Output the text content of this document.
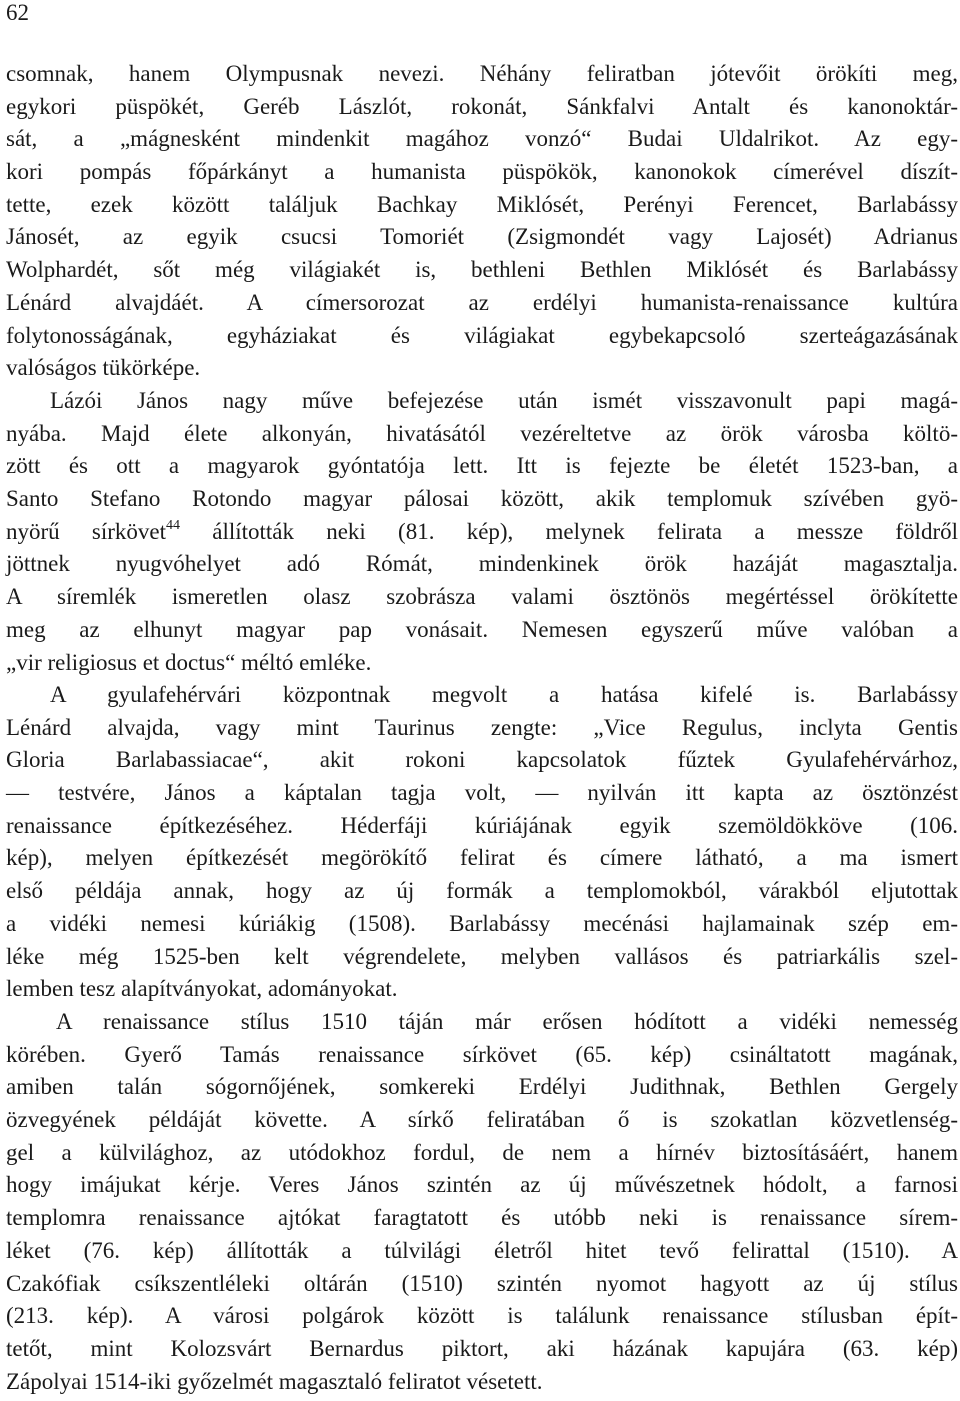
62
csomnak, hanem Olympusnak nevezi. Néhány feliratban jótevőit örökíti meg,
egykori püspökét, Geréb Lászlót, rokonát, Sánkfalvi Antalt és kanonoktár-
sát, a „mágnesként mindenkit magához vonzó“ Budai Uldalrikot. Az egy-
kori pompás főpárkányt a humanista püspökök, kanonokok címerével díszít-
tette, ezek között találjuk Bachkay Miklósét, Perényi Ferencet, Barlabássy
Jánosét, az egyik csucsi Tomoriét (Zsigmondét vagy Lajosét) Adrianus
Wolphardét, sőt még világiakét is, bethleni Bethlen Miklósét és Barlabássy
Lénárd alvajdáét. A címersorozat az erdélyi humanista-renaissance kultúra
folytonosságának, egyháziakat és világiakat egybekapcsoló szerteágazásának
valóságos tükörképe.
Lázói János nagy műve befejezése után ismét visszavonult papi magá-
nyába. Majd élete alkonyán, hivatásától vezéreltetve az örök városba költö-
zött és ott a magyarok gyóntatója lett. Itt is fejezte be életét 1523-ban, a
Santo Stefano Rotondo magyar pálosai között, akik templomuk szívében gyö-
nyörű sírkövet$^{44}$ állították neki (81. kép), melynek felirata a messze földről
jöttnek nyugvóhelyet adó Rómát, mindenkinek örök hazáját magasztalja.
A síremlék ismeretlen olasz szobrásza valami ösztönös megértéssel örökítette
meg az elhunyt magyar pap vonásait. Nemesen egyszerű műve valóban a
„vir religiosus et doctus“ méltó emléke.
A gyulafehérvári központnak megvolt a hatása kifelé is. Barlabássy
Lénárd alvajda, vagy mint Taurinus zengte: „Vice Regulus, inclyta Gentis
Gloria Barlabassiacae“, akit rokoni kapcsolatok fűztek Gyulafehérvárhoz,
— testvére, János a káptalan tagja volt, — nyilván itt kapta az ösztönzést
renaissance építkezéséhez. Héderfáji kúriájának egyik szemöldökköve (106.
kép), melyen építkezését megörökítő felirat és címere látható, a ma ismert
első példája annak, hogy az új formák a templomokból, várakból eljutottak
a vidéki nemesi kúriákig (1508). Barlabássy mecénási hajlamainak szép em-
léke még 1525-ben kelt végrendelete, melyben vallásos és patriarkális szel-
lemben tesz alapítványokat, adományokat.
A renaissance stílus 1510 táján már erősen hódított a vidéki nemesség
körében. Gyerő Tamás renaissance sírkövet (65. kép) csináltatott magának,
amiben talán sógornőjének, somkereki Erdélyi Judithnak, Bethlen Gergely
özvegyének példáját követte. A sírkő feliratában ő is szokatlan közvetlenség-
gel a külvilághoz, az utódokhoz fordul, de nem a hírnév biztosításáért, hanem
hogy imájukat kérje. Veres János szintén az új művészetnek hódolt, a farnosi
templomra renaissance ajtókat faragtatott és utóbb neki is renaissance sírem-
léket (76. kép) állították a túlvilági életről hitet tevő felirattal (1510). A
Czakófiak csíkszentléleki oltárán (1510) szintén nyomot hagyott az új stílus
(213. kép). A városi polgárok között is találunk renaissance stílusban épít-
tetőt, mint Kolozsvárt Bernardus piktort, aki házának kapujára (63. kép)
Zápolyai 1514-iki győzelmét magasztaló feliratot vésetett.
